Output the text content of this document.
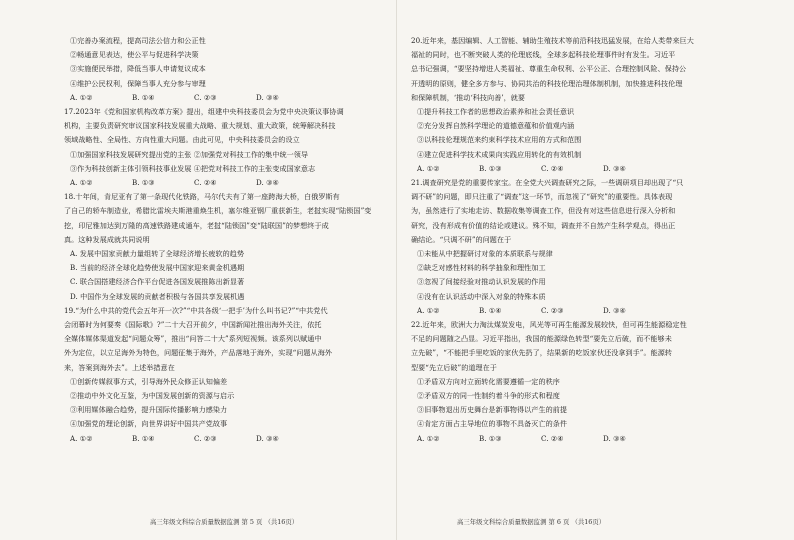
①完善办案流程，提高司法公信力和公正性
②畅通意见表达，使公平与促进科学决策
③实施便民举措，降低当事人申请复议成本
④维护公民权利，保障当事人充分参与审理
A. ①②	B. ①④	C. ②③	D. ③④
17.2023年《党和国家机构改革方案》提出，组建中央科技委员会为党中央决策议事协调
机构，主要负责研究审议国家科技发展重大战略、重大规划、重大政策，统筹解决科技
领域战略性、全局性、方向性重大问题。由此可见，中央科技委员会的设立
①加强国家科技发展研究提出党的主张 ②加强党对科技工作的集中统一领导
③作为科技创新主体引领科技事业发展 ④把党对科技工作的主张变成国家意志
A. ①②	B. ①③	C. ②④	D. ③④
18.十年间，肯尼亚有了第一条现代化铁路，马尔代夫有了第一座跨海大桥，白俄罗斯有
了自己的轿车制造业，希腊比雷埃夫斯港重焕生机，塞尔维亚钢厂重获新生，老挝实现“陆锁国”变
挖，印尼雅加达到万隆的高速铁路建成通车，老挝“陆锁国”变“陆联国”的梦想终于成
真。这种发展成就共同说明
A. 发展中国家贡献力量组转了全球经济增长疲软的趋势
B. 当前的经济全球化趋势使发展中国家迎来黄金机遇期
C. 联合国搭建经济合作平台促进各国发展推陈出新显著
D. 中国作为全球发展的贡献者积极与各国共享发展机遇
19.“为什么中共的党代会五年开一次?”“中共各级‘一把手’为什么叫书记?”“中共党代
会闭幕时为何要奏《国际歌》?”二十大召开前夕，中国新闻社推出海外关注，依托
全媒体媒体渠道发起“问题众筹”，推出“问答二十大”系列短视频。该系列以赋通中
外为定位，以立足海外为特色，问题征集于海外，产品落地于海外，实现“问题从海外
来，答案到海外去”。上述举措意在
①创新传媒叙事方式，引导海外民众修正认知偏差
②推动中外文化互鉴，为中国发展创新的资源与启示
③利用媒体融合趋势，提升国际传播影响力感染力
④加强党的理论创新，向世界讲好中国共产党故事
A. ①②	B. ①④	C. ②③	D. ③④
高三年级文科综合质量数据监测 第 5 页 （共16页）
20.近年来，基因编辑、人工智能、辅助生殖技术等前沿科技迅猛发展，在给人类带来巨大
福祉的同时，也不断突破人类的伦理底线，全球多起科技伦理事件时有发生。习近平
总书记强调，“要坚持增进人类福祉、尊重生命权利、公平公正、合理控制风险、保持公
开透明的原则，健全多方参与、协同共治的科技伦理治理体制机制，加快推进科技伦理
和保障机制，‘推动‘科技向善’，就要
①提升科技工作者的思想政治素养和社会责任意识
②充分发挥自然科学理论的道德意蕴和价值观内涵
③以科技伦理规范来约束科学技术应用的方式和范围
④建立促进科学技术成果向实践应用转化的有效机制
A. ①②	B. ①③	C. ②④	D. ③④
21.调查研究是党的重要传家宝。在全党大兴调查研究之际，一些调研项目却出现了“只
调不研”的问题，即只注重了“调查”这一环节，而忽视了“研究”的重要性。具体表现
为，虽然进行了实地走访、数据收集等调查工作，但没有对这些信息进行深入分析和
研究，没有形成有价值的结论或建议。殊不知，调查并不自然产生科学观点，得出正
确结论。“只调不研”的问题在于
①未能从中把握研讨对象的本质联系与规律
②缺乏对感性材料的科学抽象和理性加工
③忽视了间接经验对推动认识发展的作用
④没有在认识活动中深入对象的特殊本质
A. ①②	B. ①④	C. ②③	D. ③④
22.近年来，欧洲大力淘汰煤炭发电，风光等可再生能源发展较快，但可再生能源稳定性
不足的问题随之凸显。习近平指出，我国的能源绿色转型“要先立后破，而不能够未
立先破”，“不能把手里吃饭的家伙先扔了，结果新的吃饭家伙还没拿到手”。能源转
型要“先立后破”的道理在于
①矛盾双方向对立面转化需要遵循一定的秩序
②矛盾双方的同一性制约着斗争的形式和程度
③旧事物退出历史舞台是新事物得以产生的前提
④肯定方面占主导地位的事物不具备灭亡的条件
A. ①②	B. ①③	C. ②④	D. ③④
高三年级文科综合质量数据监测 第 6 页 （共16页）
